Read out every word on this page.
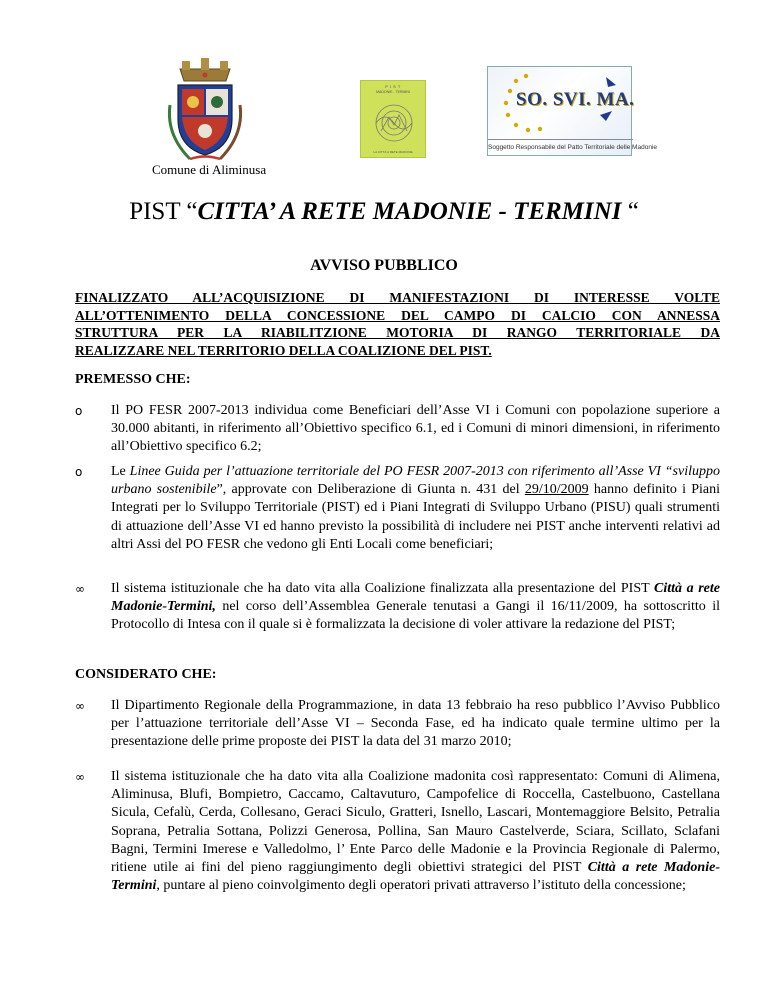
Comune di Aliminusa
P I S T
MADONIE - TERMINI
LA CITTÀ A RETE MADONIE
SO. SVI. MA.
Soggetto Responsabile del Patto Territoriale delle Madonie
PIST “CITTA’ A RETE MADONIE - TERMINI “
AVVISO PUBBLICO
FINALIZZATO ALL’ACQUISIZIONE DI MANIFESTAZIONI DI INTERESSE VOLTE
ALL’OTTENIMENTO DELLA CONCESSIONE DEL CAMPO DI CALCIO CON ANNESSA
STRUTTURA PER LA RIABILITZIONE MOTORIA DI RANGO TERRITORIALE DA
REALIZZARE NEL TERRITORIO DELLA COALIZIONE DEL PIST.
PREMESSO CHE:
o	Il PO FESR 2007-2013 individua come Beneficiari dell’Asse VI i Comuni con popolazione superiore a 30.000 abitanti, in riferimento all’Obiettivo specifico 6.1, ed i Comuni di minori dimensioni, in riferimento all’Obiettivo specifico 6.2;
o	Le Linee Guida per l’attuazione territoriale del PO FESR 2007-2013 con riferimento all’Asse VI “sviluppo urbano sostenibile”, approvate con Deliberazione di Giunta n. 431 del 29/10/2009 hanno definito i Piani Integrati per lo Sviluppo Territoriale (PIST) ed i Piani Integrati di Sviluppo Urbano (PISU) quali strumenti di attuazione dell’Asse VI ed hanno previsto la possibilità di includere nei PIST anche interventi relativi ad altri Assi del PO FESR che vedono gli Enti Locali come beneficiari;
∞	Il sistema istituzionale che ha dato vita alla Coalizione finalizzata alla presentazione del PIST Città a rete Madonie-Termini, nel corso dell’Assemblea Generale tenutasi a Gangi il 16/11/2009, ha sottoscritto il Protocollo di Intesa con il quale si è formalizzata la decisione di voler attivare la redazione del PIST;
CONSIDERATO CHE:
∞	Il Dipartimento Regionale della Programmazione, in data 13 febbraio ha reso pubblico l’Avviso Pubblico per l’attuazione territoriale dell’Asse VI – Seconda Fase, ed ha indicato quale termine ultimo per la presentazione delle prime proposte dei PIST la data del 31 marzo 2010;
∞	Il sistema istituzionale che ha dato vita alla Coalizione madonita così rappresentato: Comuni di Alimena, Aliminusa, Blufi, Bompietro, Caccamo, Caltavuturo, Campofelice di Roccella, Castelbuono, Castellana Sicula, Cefalù, Cerda, Collesano, Geraci Siculo, Gratteri, Isnello, Lascari, Montemaggiore Belsito, Petralia Soprana, Petralia Sottana, Polizzi Generosa, Pollina, San Mauro Castelverde, Sciara, Scillato, Sclafani Bagni, Termini Imerese e Valledolmo, l’ Ente Parco delle Madonie e la Provincia Regionale di Palermo, ritiene utile ai fini del pieno raggiungimento degli obiettivi strategici del PIST Città a rete Madonie-Termini, puntare al pieno coinvolgimento degli operatori privati attraverso l’istituto della concessione;
